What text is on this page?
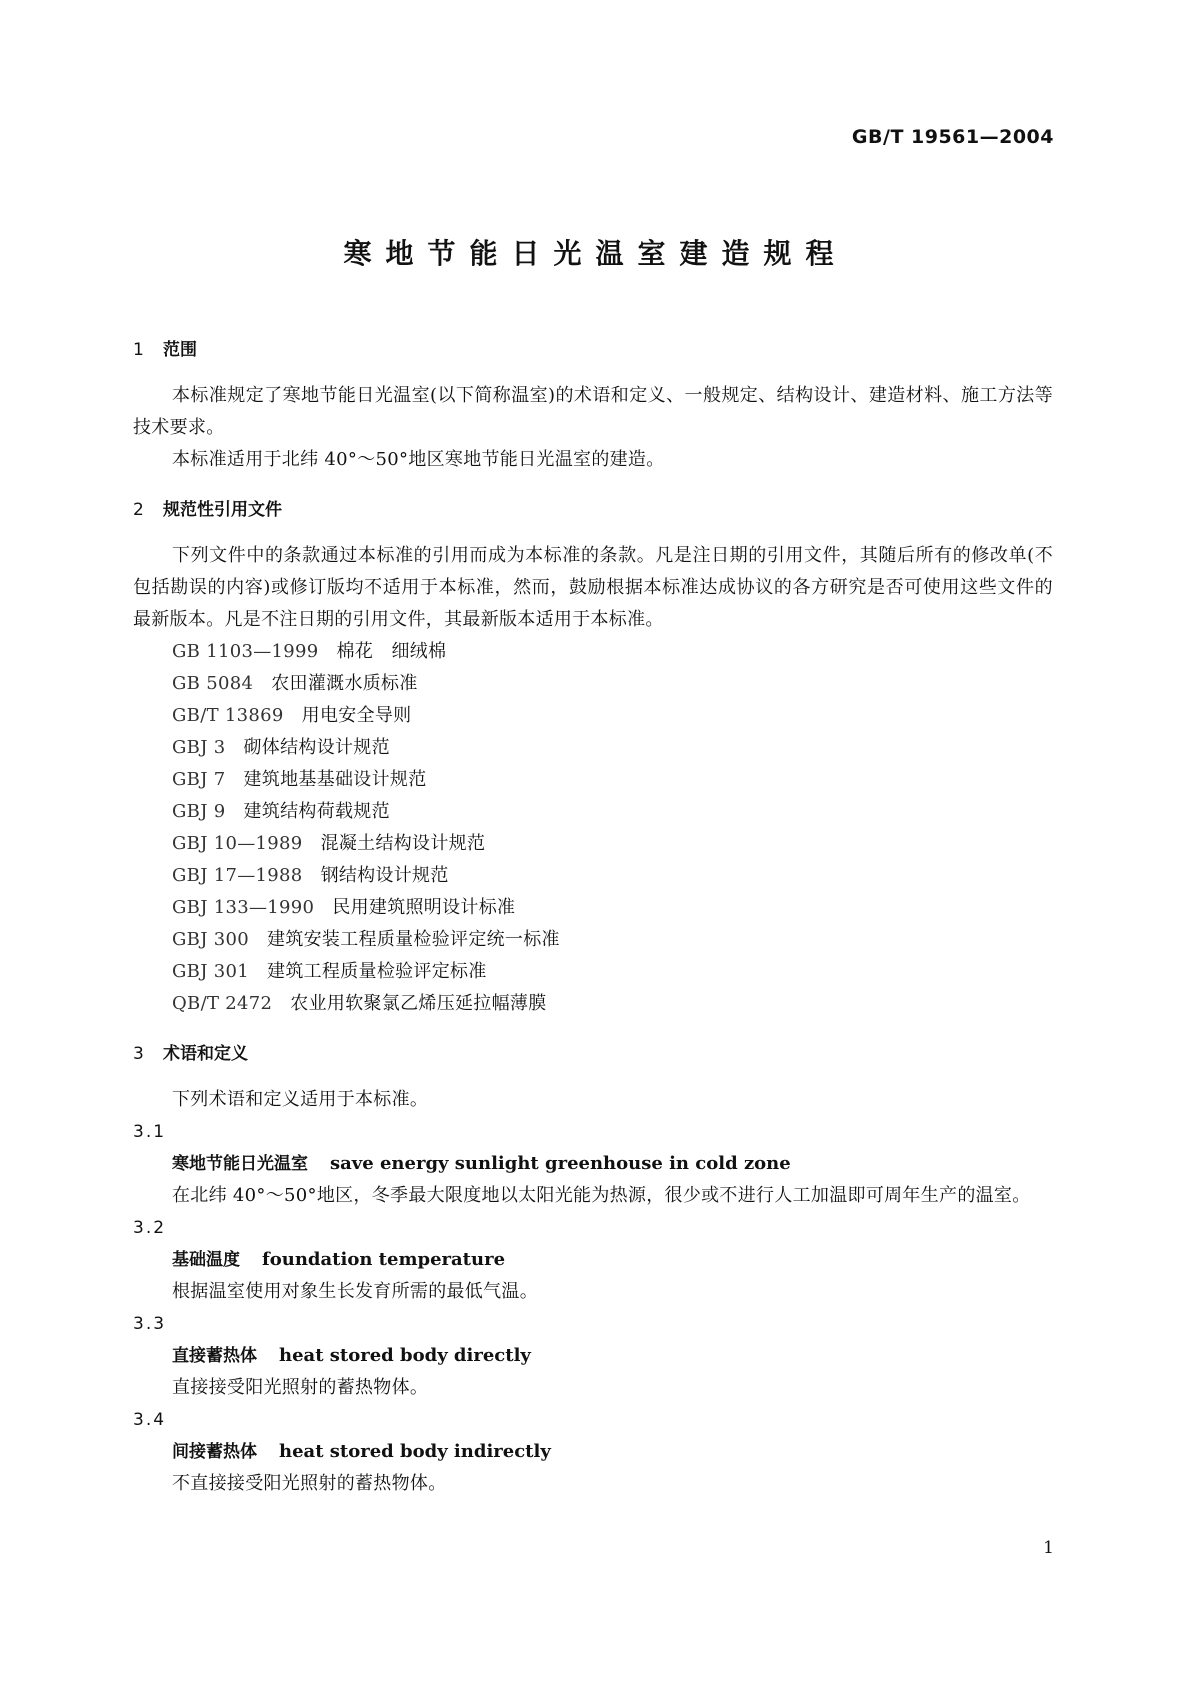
GB/T 19561—2004
寒地节能日光温室建造规程
1 范围

本标准规定了寒地节能日光温室(以下简称温室)的术语和定义、一般规定、结构设计、建造材料、施工方法等技术要求。

本标准适用于北纬 40°～50°地区寒地节能日光温室的建造。

2 规范性引用文件

下列文件中的条款通过本标准的引用而成为本标准的条款。凡是注日期的引用文件，其随后所有的修改单(不包括勘误的内容)或修订版均不适用于本标准，然而，鼓励根据本标准达成协议的各方研究是否可使用这些文件的最新版本。凡是不注日期的引用文件，其最新版本适用于本标准。

GB 1103—1999 棉花　细绒棉

GB 5084 农田灌溉水质标准

GB/T 13869 用电安全导则

GBJ 3 砌体结构设计规范

GBJ 7 建筑地基基础设计规范

GBJ 9 建筑结构荷载规范

GBJ 10—1989 混凝土结构设计规范

GBJ 17—1988 钢结构设计规范

GBJ 133—1990 民用建筑照明设计标准

GBJ 300 建筑安装工程质量检验评定统一标准

GBJ 301 建筑工程质量检验评定标准

QB/T 2472 农业用软聚氯乙烯压延拉幅薄膜

3 术语和定义

下列术语和定义适用于本标准。

3.1

寒地节能日光温室 save energy sunlight greenhouse in cold zone

在北纬 40°～50°地区，冬季最大限度地以太阳光能为热源，很少或不进行人工加温即可周年生产的温室。

3.2

基础温度 foundation temperature

根据温室使用对象生长发育所需的最低气温。

3.3

直接蓄热体 heat stored body directly

直接接受阳光照射的蓄热物体。

3.4

间接蓄热体 heat stored body indirectly

不直接接受阳光照射的蓄热物体。

1
